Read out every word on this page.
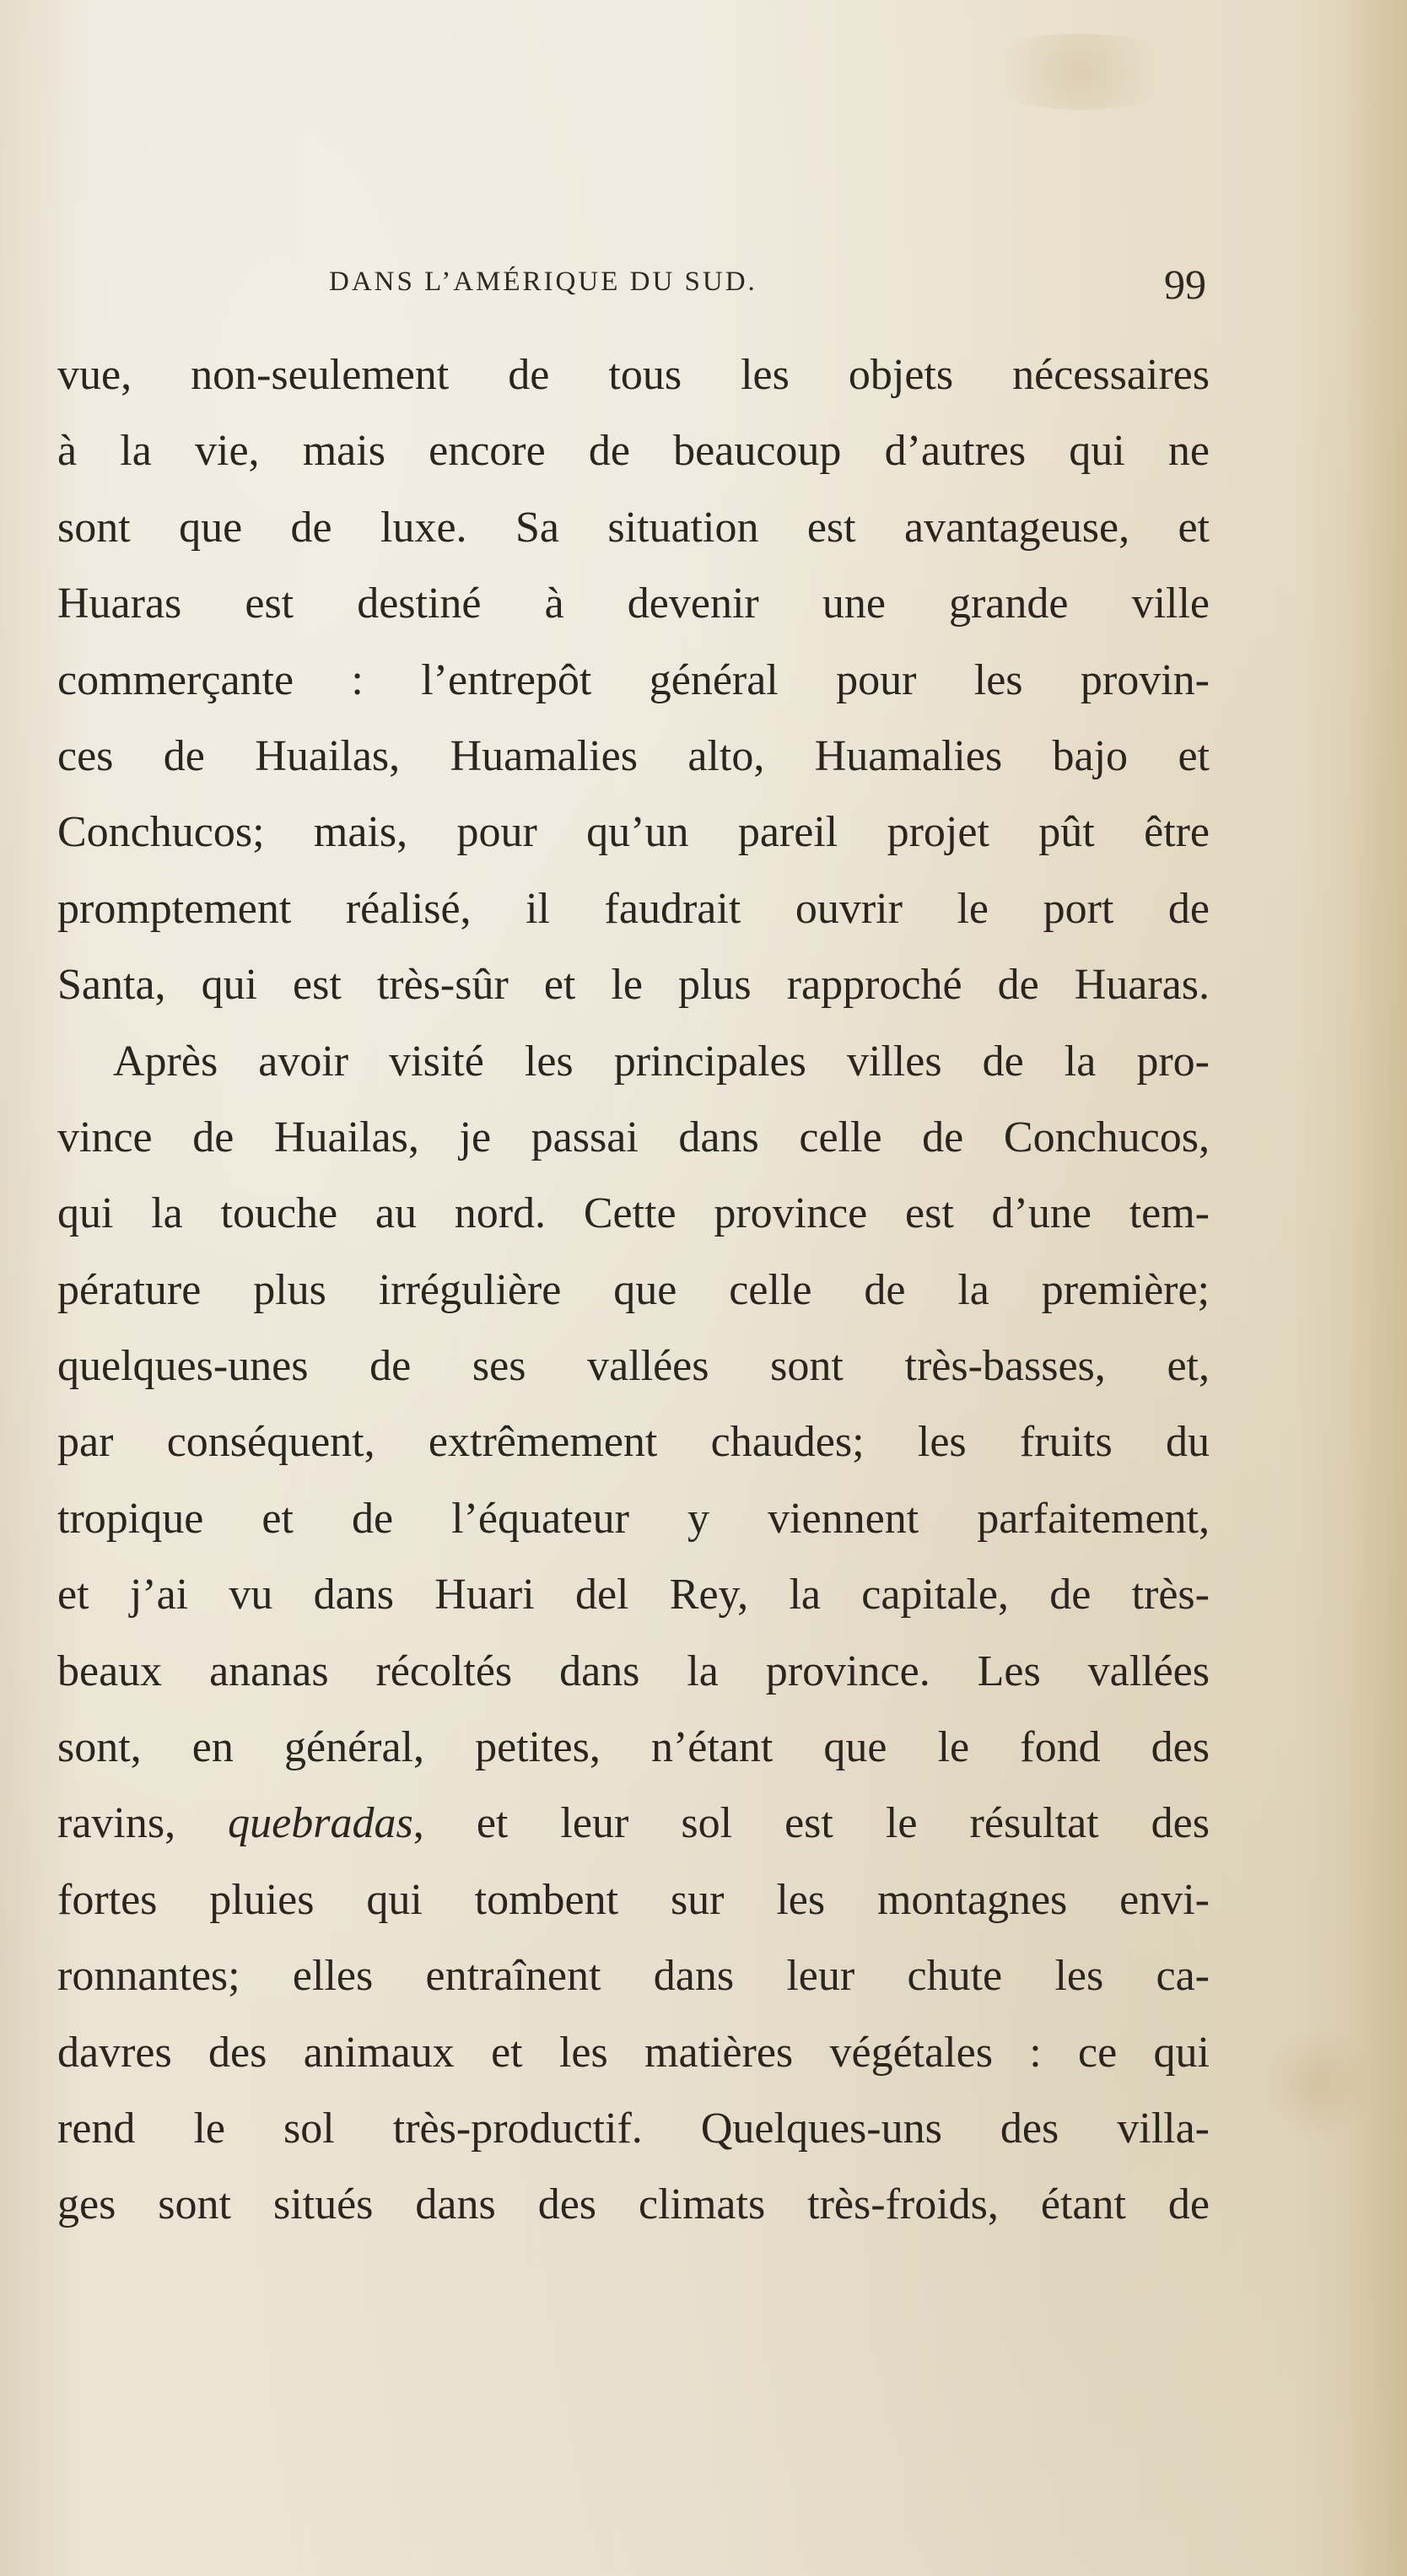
DANS L’AMÉRIQUE DU SUD.	99
vue, non-seulement de tous les objets nécessaires
à la vie, mais encore de beaucoup d’autres qui ne
sont que de luxe. Sa situation est avantageuse, et
Huaras est destiné à devenir une grande ville
commerçante : l’entrepôt général pour les provin-
ces de Huailas, Huamalies alto, Huamalies bajo et
Conchucos; mais, pour qu’un pareil projet pût être
promptement réalisé, il faudrait ouvrir le port de
Santa, qui est très-sûr et le plus rapproché de Huaras.
Après avoir visité les principales villes de la pro-
vince de Huailas, je passai dans celle de Conchucos,
qui la touche au nord. Cette province est d’une tem-
pérature plus irrégulière que celle de la première;
quelques-unes de ses vallées sont très-basses, et,
par conséquent, extrêmement chaudes; les fruits du
tropique et de l’équateur y viennent parfaitement,
et j’ai vu dans Huari del Rey, la capitale, de très-
beaux ananas récoltés dans la province. Les vallées
sont, en général, petites, n’étant que le fond des
ravins, quebradas, et leur sol est le résultat des
fortes pluies qui tombent sur les montagnes envi-
ronnantes; elles entraînent dans leur chute les ca-
davres des animaux et les matières végétales : ce qui
rend le sol très-productif. Quelques-uns des villa-
ges sont situés dans des climats très-froids, étant de
